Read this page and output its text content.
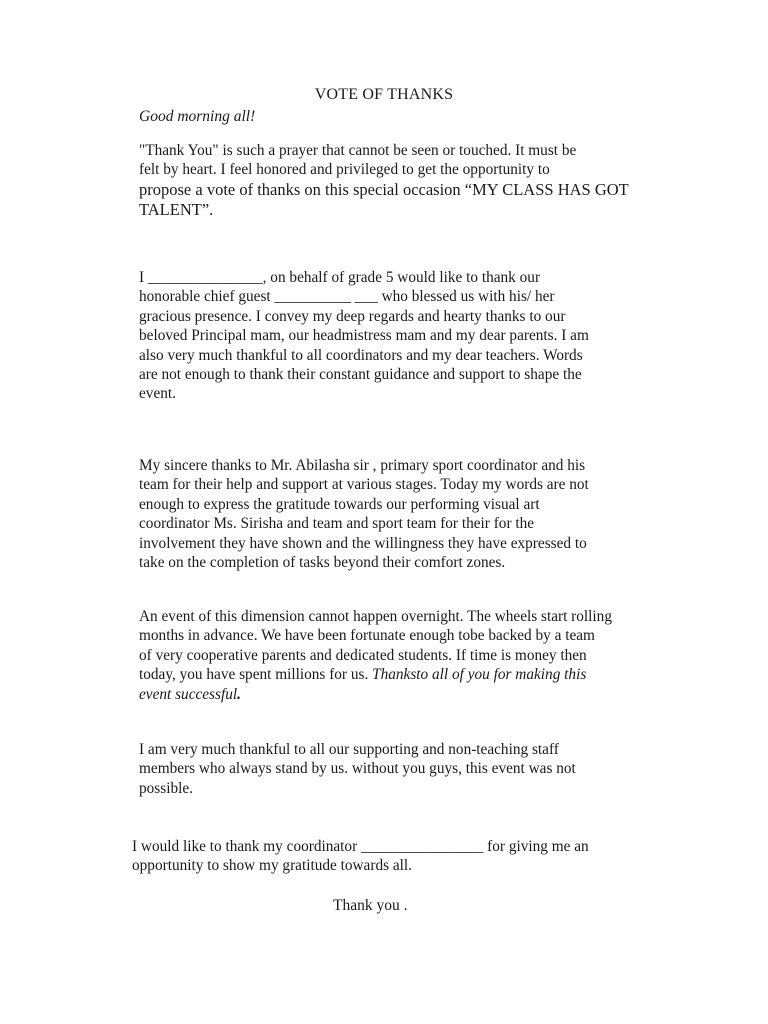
VOTE OF THANKS
Good morning all!
"Thank You" is such a prayer that cannot be seen or touched. It must be
felt by heart. I feel honored and privileged to get the opportunity to
propose a vote of thanks on this special occasion “MY CLASS HAS GOT
TALENT”.
I _______________, on behalf of grade 5 would like to thank our
honorable chief guest __________ ___ who blessed us with his/ her
gracious presence. I convey my deep regards and hearty thanks to our
beloved Principal mam, our headmistress mam and my dear parents. I am
also very much thankful to all coordinators and my dear teachers. Words
are not enough to thank their constant guidance and support to shape the
event.
My sincere thanks to Mr. Abilasha sir , primary sport coordinator and his
team for their help and support at various stages. Today my words are not
enough to express the gratitude towards our performing visual art
coordinator Ms. Sirisha and team and sport team for their for the
involvement they have shown and the willingness they have expressed to
take on the completion of tasks beyond their comfort zones.
An event of this dimension cannot happen overnight. The wheels start rolling
months in advance. We have been fortunate enough tobe backed by a team
of very cooperative parents and dedicated students. If time is money then
today, you have spent millions for us. Thanksto all of you for making this
event successful.
I am very much thankful to all our supporting and non-teaching staff
members who always stand by us. without you guys, this event was not
possible.
I would like to thank my coordinator ________________ for giving me an
opportunity to show my gratitude towards all.
Thank you .
